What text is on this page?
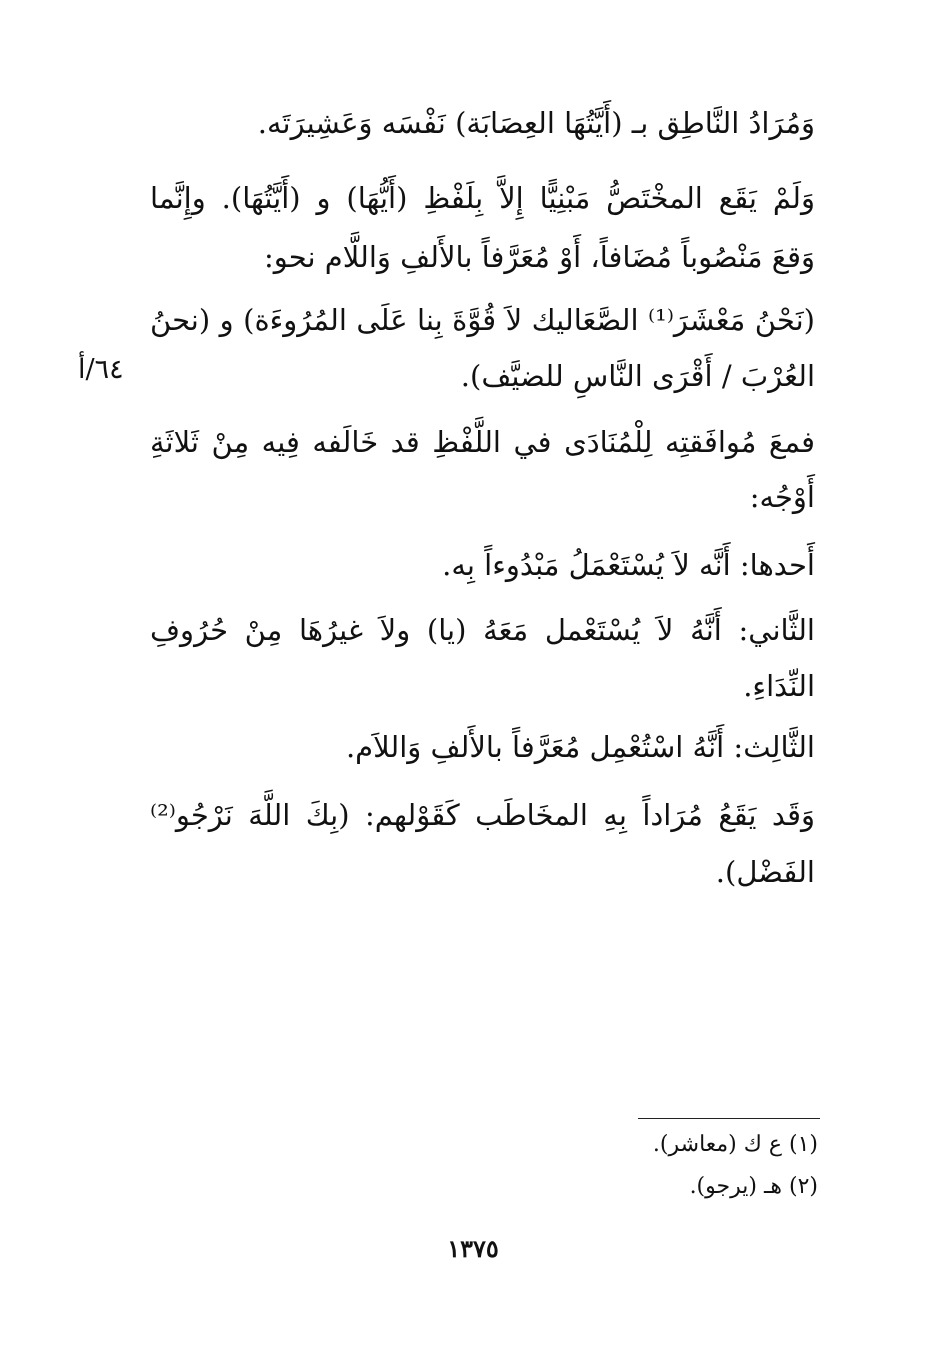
وَمُرَادُ النَّاطِق بـ (أَيَّتُهَا العِصَابَة) نَفْسَه وَعَشِيرَتَه.
وَلَمْ يَقَع المخْتَصُّ مَبْنِيًّا إِلاَّ بِلَفْظِ (أَيُّهَا) و (أَيَّتُهَا). وإِنَّما
وَقعَ مَنْصُوباً مُضَافاً، أَوْ مُعَرَّفاً بالأَلفِ وَاللَّام نحو:
(نَحْنُ مَعْشَرَ⁽¹⁾ الصَّعَاليك لاَ قُوَّةَ بِنا عَلَى المُرُوءَة) و (نحنُ
العُرْبَ / أَقْرَى النَّاسِ للضيَّف).
٦٤/أ
فمعَ مُوافَقتِه لِلْمُنَادَى في اللَّفْظِ قد خَالَفه فِيه مِنْ ثَلاثَةِ
أَوْجُه:
أَحدها: أَنَّه لاَ يُسْتَعْمَلُ مَبْدُوءاً بِه.
الثَّاني: أَنَّهُ لاَ يُسْتَعْمل مَعَهُ (يا) ولاَ غيرُهَا مِنْ حُرُوفِ
النِّدَاءِ.
الثَّالِث: أَنَّهُ اسْتُعْمِل مُعَرَّفاً بالأَلفِ وَاللاَم.
وَقَد يَقَعُ مُرَاداً بِهِ المخَاطَب كَقَوْلهم: (بِكَ اللَّهَ نَرْجُو⁽²⁾
الفَضْل).
(١) ع ك (معاشر).
(٢) هـ (يرجو).
١٣٧٥
